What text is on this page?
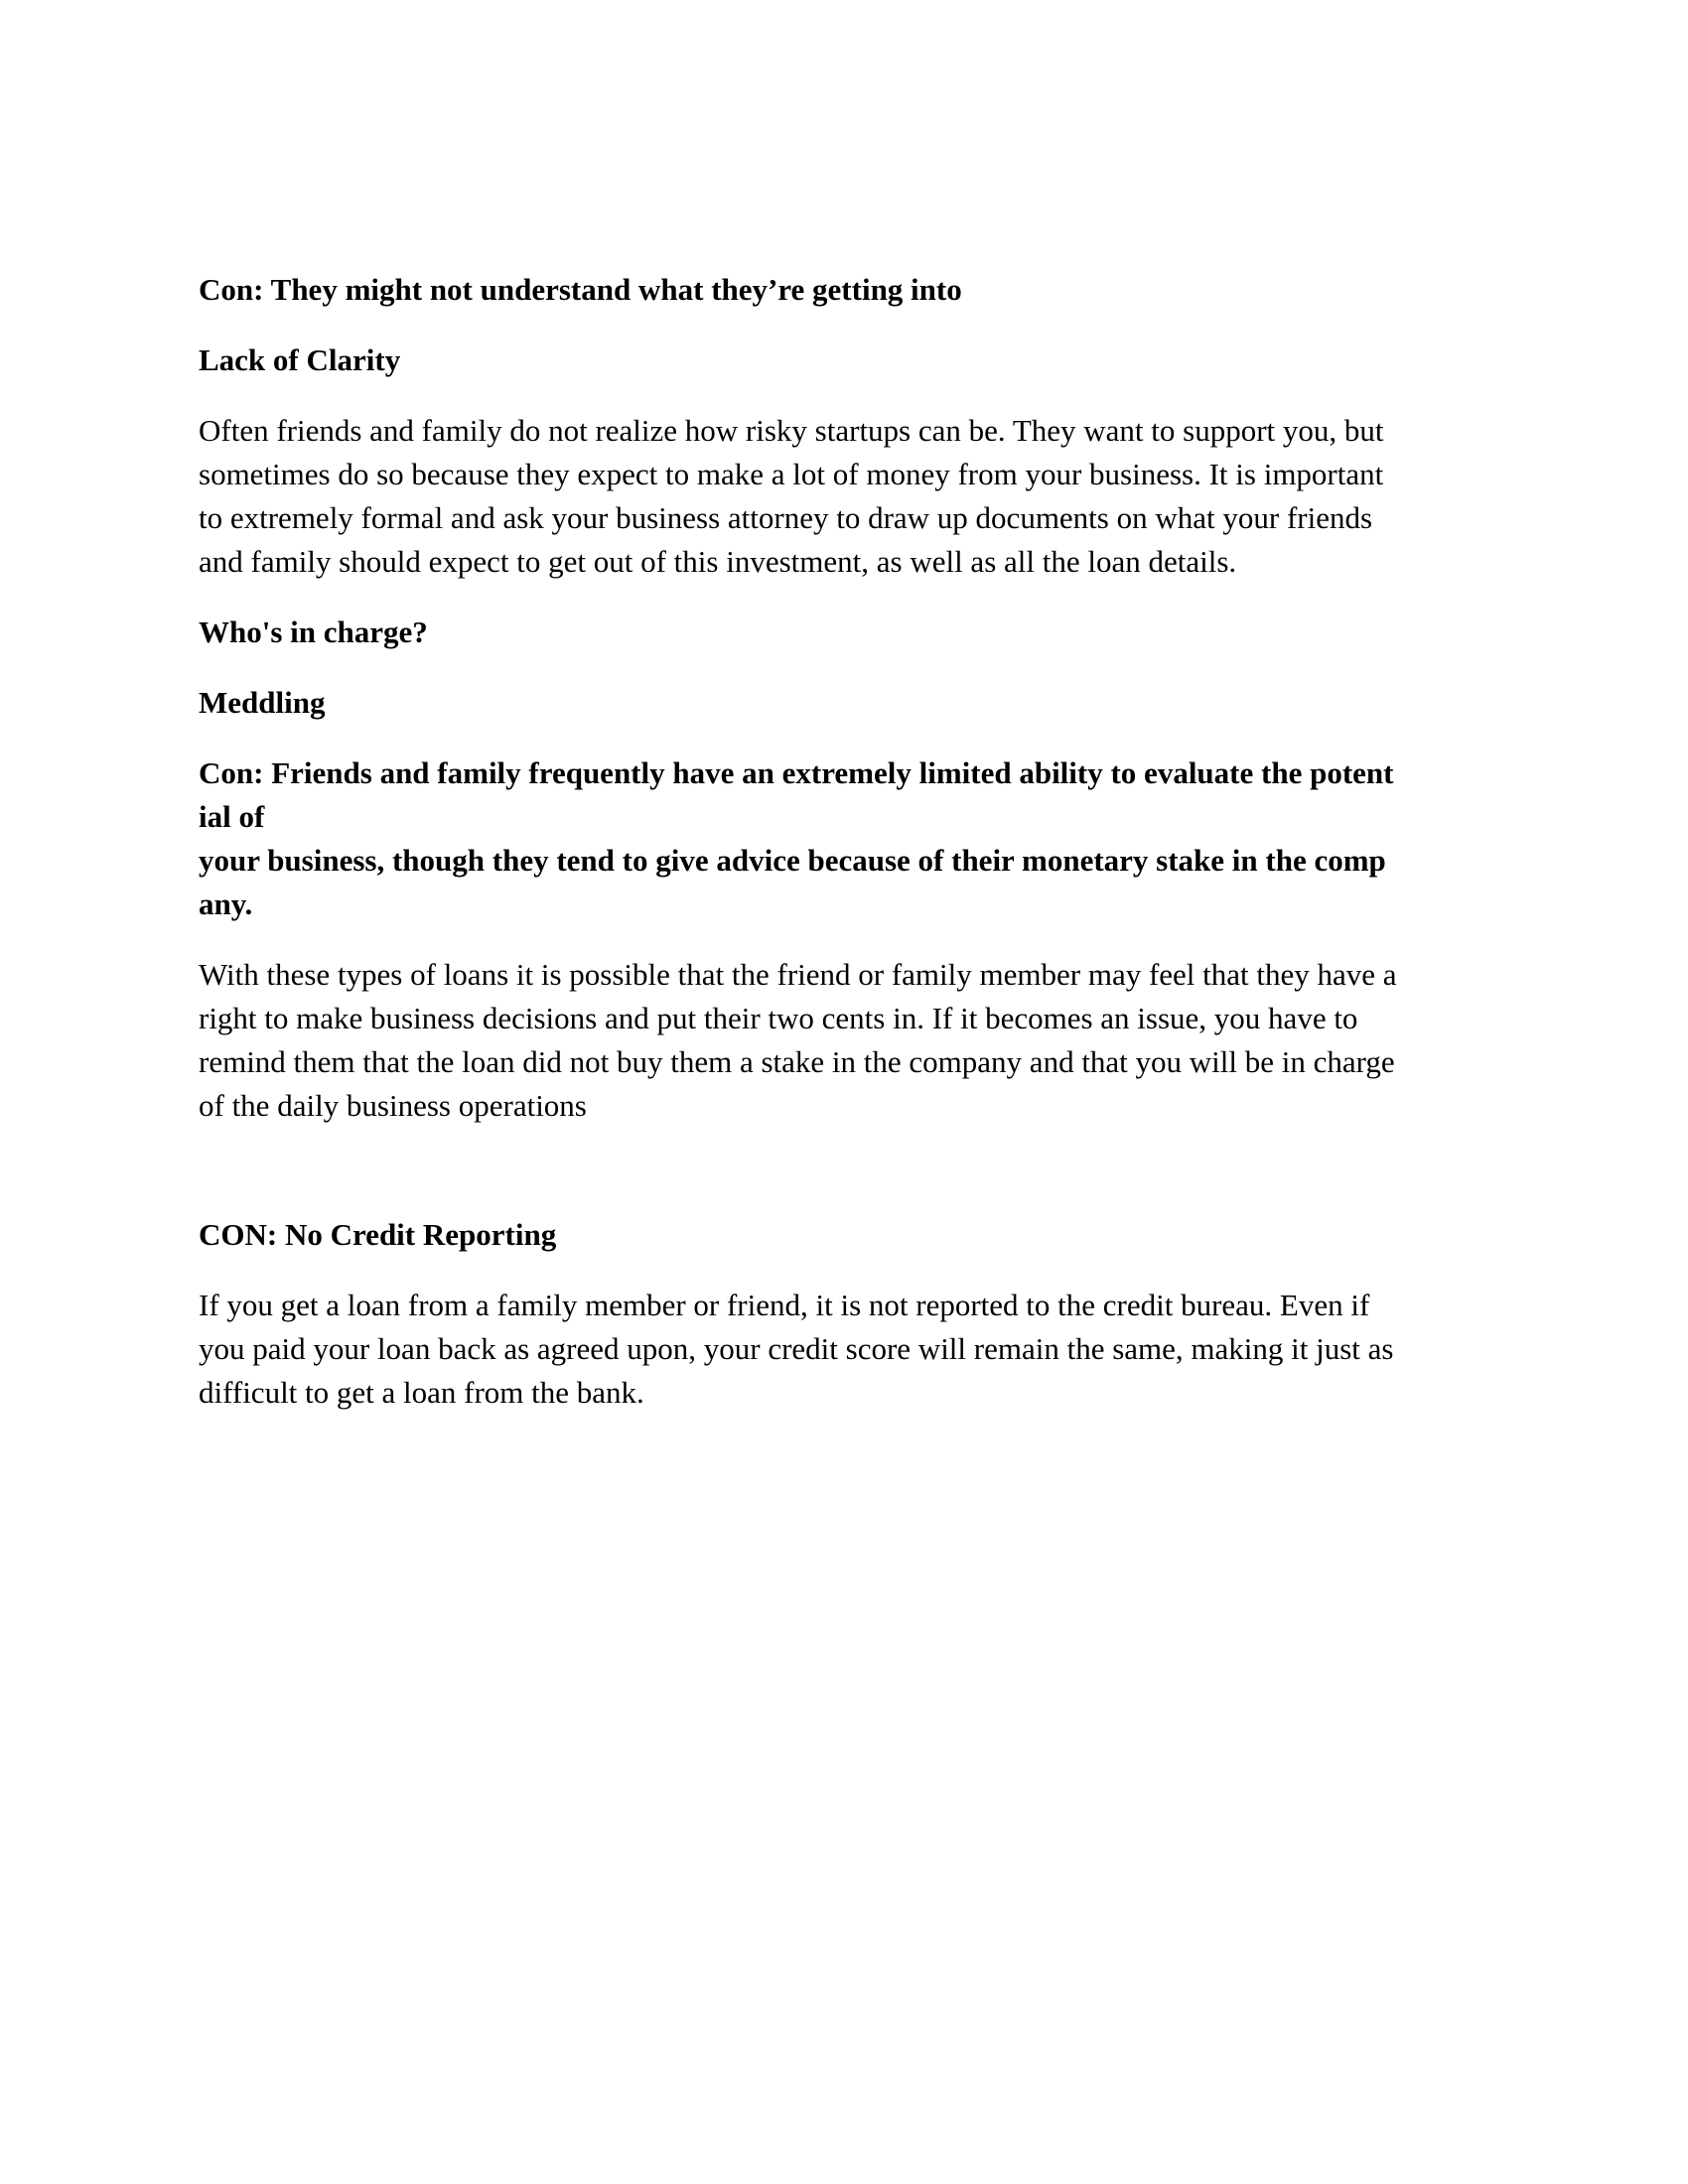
Con: They might not understand what they’re getting into

Lack of Clarity

Often friends and family do not realize how risky startups can be. They want to support you, but
sometimes do so because they expect to make a lot of money from your business. It is important
to extremely formal and ask your business attorney to draw up documents on what your friends
and family should expect to get out of this investment, as well as all the loan details.

Who's in charge?

Meddling

Con: Friends and family frequently have an extremely limited ability to evaluate the potent
ial of
your business, though they tend to give advice because of their monetary stake in the comp
any.

With these types of loans it is possible that the friend or family member may feel that they have a
right to make business decisions and put their two cents in. If it becomes an issue, you have to
remind them that the loan did not buy them a stake in the company and that you will be in charge
of the daily business operations

CON: No Credit Reporting

If you get a loan from a family member or friend, it is not reported to the credit bureau. Even if
you paid your loan back as agreed upon, your credit score will remain the same, making it just as
difficult to get a loan from the bank.
